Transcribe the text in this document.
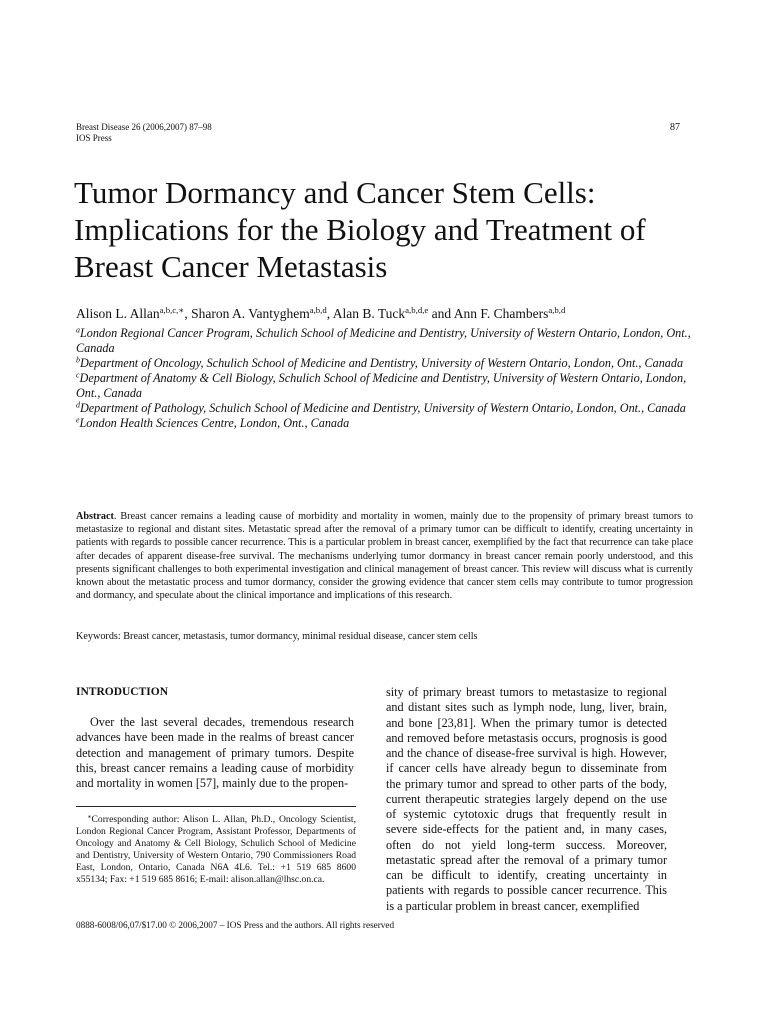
Breast Disease 26 (2006,2007) 87–98
IOS Press
87
Tumor Dormancy and Cancer Stem Cells:
Implications for the Biology and Treatment of
Breast Cancer Metastasis
Alison L. Allan$^{a,b,c,∗}$, Sharon A. Vantyghem$^{a,b,d}$, Alan B. Tuck$^{a,b,d,e}$ and Ann F. Chambers$^{a,b,d}$

$^a$London Regional Cancer Program, Schulich School of Medicine and Dentistry, University of Western Ontario, London, Ont., Canada

$^b$Department of Oncology, Schulich School of Medicine and Dentistry, University of Western Ontario, London, Ont., Canada

$^c$Department of Anatomy & Cell Biology, Schulich School of Medicine and Dentistry, University of Western Ontario, London, Ont., Canada

$^d$Department of Pathology, Schulich School of Medicine and Dentistry, University of Western Ontario, London, Ont., Canada

$^e$London Health Sciences Centre, London, Ont., Canada

Abstract. Breast cancer remains a leading cause of morbidity and mortality in women, mainly due to the propensity of primary breast tumors to metastasize to regional and distant sites. Metastatic spread after the removal of a primary tumor can be difficult to identify, creating uncertainty in patients with regards to possible cancer recurrence. This is a particular problem in breast cancer, exemplified by the fact that recurrence can take place after decades of apparent disease-free survival. The mechanisms underlying tumor dormancy in breast cancer remain poorly understood, and this presents significant challenges to both experimental investigation and clinical management of breast cancer. This review will discuss what is currently known about the metastatic process and tumor dormancy, consider the growing evidence that cancer stem cells may contribute to tumor progression and dormancy, and speculate about the clinical importance and implications of this research.
Keywords: Breast cancer, metastasis, tumor dormancy, minimal residual disease, cancer stem cells
INTRODUCTION
Over the last several decades, tremendous research advances have been made in the realms of breast cancer detection and management of primary tumors. Despite this, breast cancer remains a leading cause of morbidity and mortality in women [57], mainly due to the propen-
∗Corresponding author: Alison L. Allan, Ph.D., Oncology Scientist, London Regional Cancer Program, Assistant Professor, Departments of Oncology and Anatomy & Cell Biology, Schulich School of Medicine and Dentistry, University of Western Ontario, 790 Commissioners Road East, London, Ontario, Canada N6A 4L6. Tel.: +1 519 685 8600 x55134; Fax: +1 519 685 8616; E-mail: alison.allan@lhsc.on.ca.
sity of primary breast tumors to metastasize to regional and distant sites such as lymph node, lung, liver, brain, and bone [23,81]. When the primary tumor is detected and removed before metastasis occurs, prognosis is good and the chance of disease-free survival is high. However, if cancer cells have already begun to disseminate from the primary tumor and spread to other parts of the body, current therapeutic strategies largely depend on the use of systemic cytotoxic drugs that frequently result in severe side-effects for the patient and, in many cases, often do not yield long-term success. Moreover, metastatic spread after the removal of a primary tumor can be difficult to identify, creating uncertainty in patients with regards to possible cancer recurrence. This is a particular problem in breast cancer, exemplified
0888-6008/06,07/$17.00 © 2006,2007 – IOS Press and the authors. All rights reserved
